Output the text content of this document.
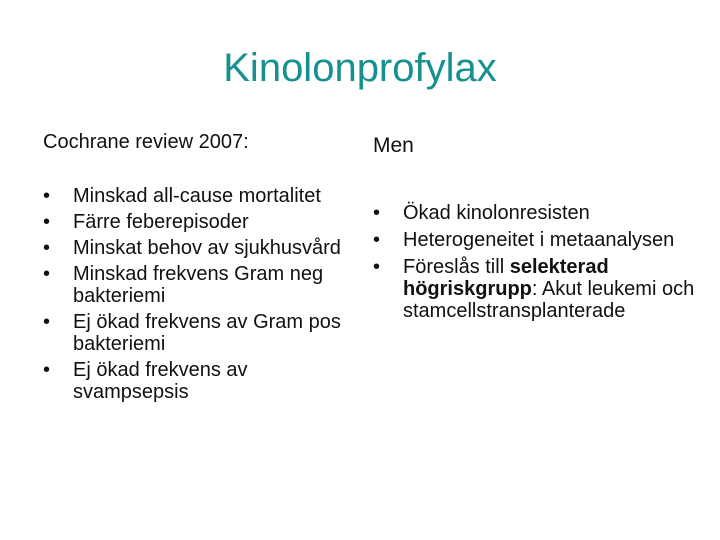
Kinolonprofylax
Cochrane review 2007:	Men
•	Minskad all-cause mortalitet
•	Färre feberepisoder
•	Minskat behov av sjukhusvård
•	Minskad frekvens Gram neg bakteriemi
•	Ej ökad frekvens av Gram pos bakteriemi
•	Ej ökad frekvens av svampsepsis
•	Ökad kinolonresisten
•	Heterogeneitet i metaanalysen
•	Föreslås till selekterad högriskgrupp: Akut leukemi och stamcellstransplanterade
